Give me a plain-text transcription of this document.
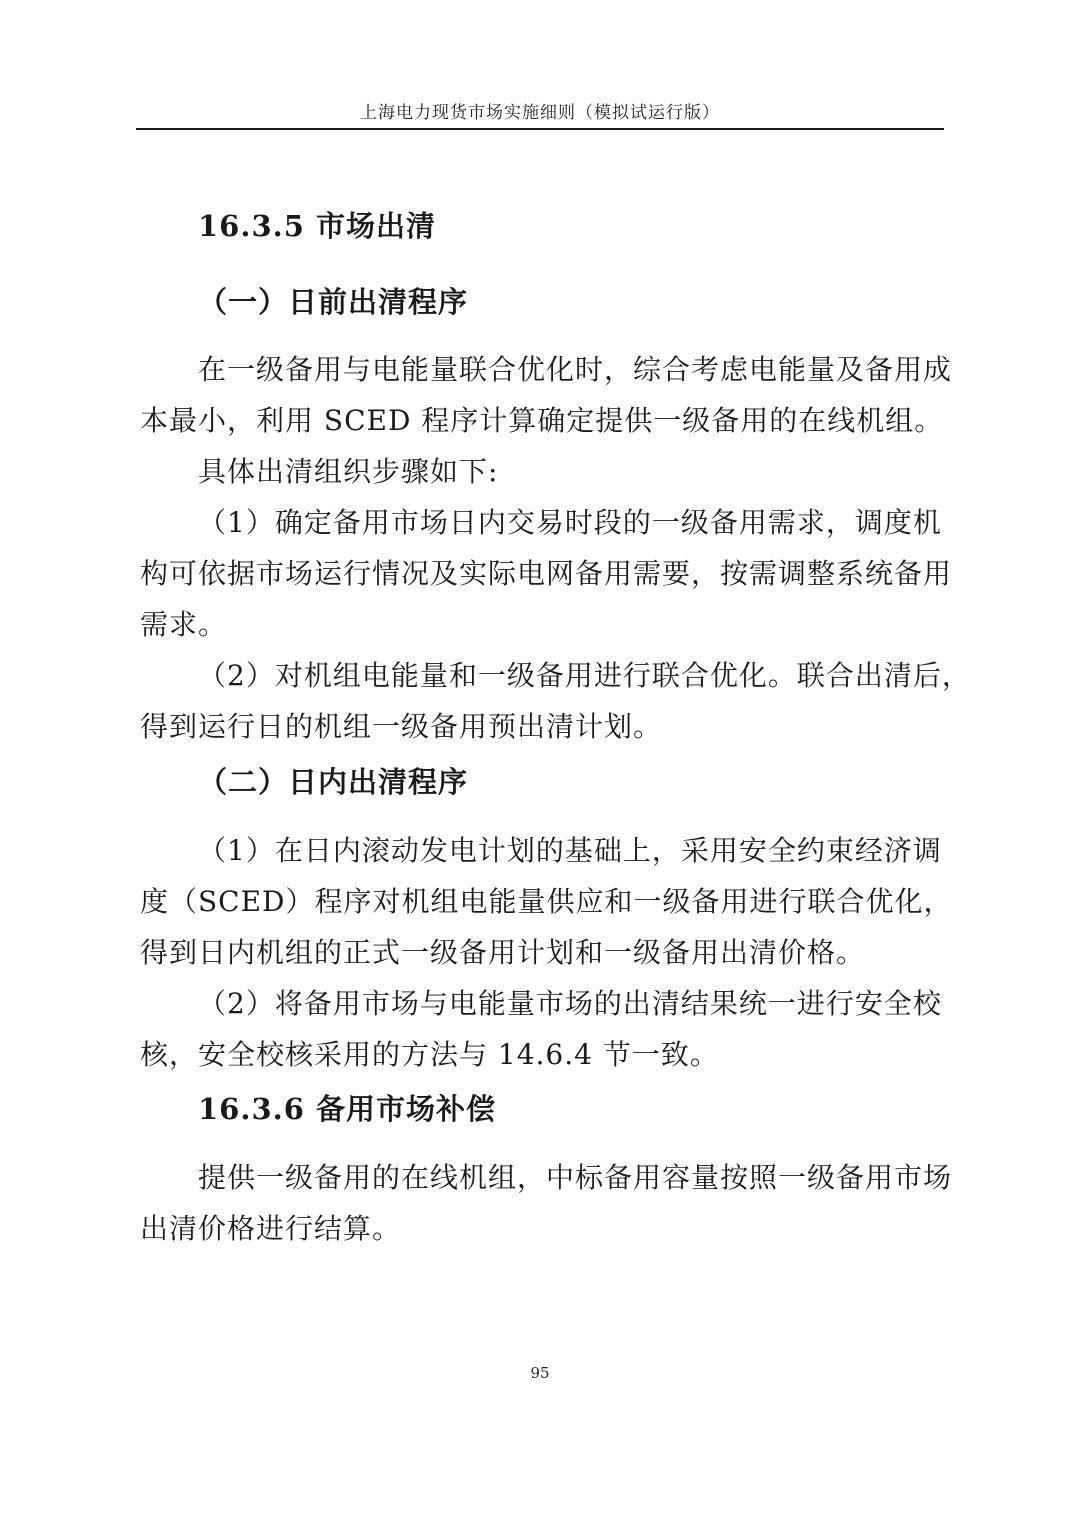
上海电力现货市场实施细则（模拟试运行版）
16.3.5 市场出清
（一）日前出清程序
在一级备用与电能量联合优化时，综合考虑电能量及备用成
本最小，利用 SCED 程序计算确定提供一级备用的在线机组。
具体出清组织步骤如下:
（1）确定备用市场日内交易时段的一级备用需求，调度机
构可依据市场运行情况及实际电网备用需要，按需调整系统备用
需求。
（2）对机组电能量和一级备用进行联合优化。联合出清后，
得到运行日的机组一级备用预出清计划。
（二）日内出清程序
（1）在日内滚动发电计划的基础上，采用安全约束经济调
度（SCED）程序对机组电能量供应和一级备用进行联合优化，
得到日内机组的正式一级备用计划和一级备用出清价格。
（2）将备用市场与电能量市场的出清结果统一进行安全校
核，安全校核采用的方法与 14.6.4 节一致。
16.3.6 备用市场补偿
提供一级备用的在线机组，中标备用容量按照一级备用市场
出清价格进行结算。
95
